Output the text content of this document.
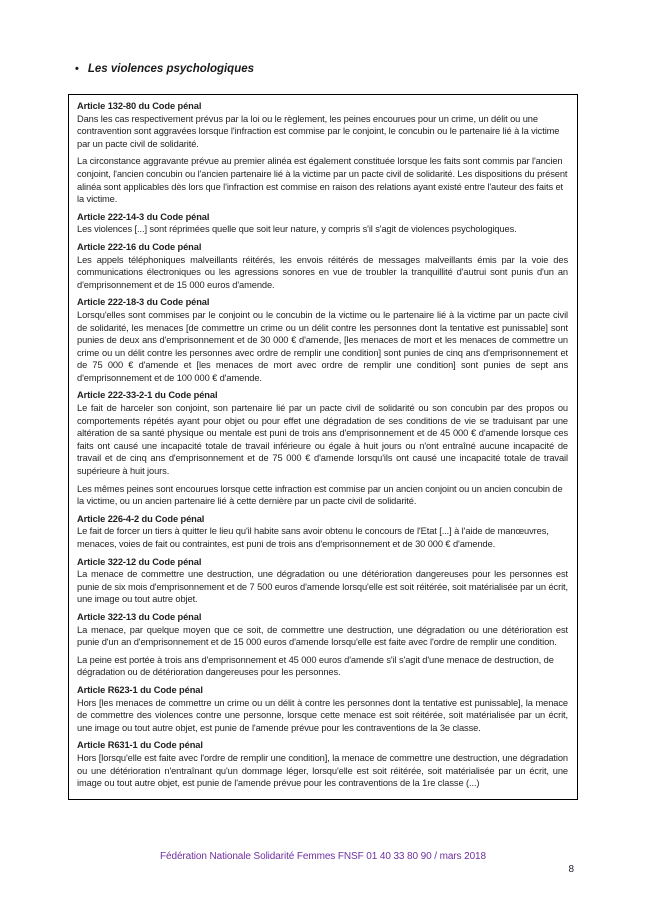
• Les violences psychologiques
Article 132-80 du Code pénal

Dans les cas respectivement prévus par la loi ou le règlement, les peines encourues pour un crime, un délit ou une contravention sont aggravées lorsque l'infraction est commise par le conjoint, le concubin ou le partenaire lié à la victime par un pacte civil de solidarité.

La circonstance aggravante prévue au premier alinéa est également constituée lorsque les faits sont commis par l'ancien conjoint, l'ancien concubin ou l'ancien partenaire lié à la victime par un pacte civil de solidarité. Les dispositions du présent alinéa sont applicables dès lors que l'infraction est commise en raison des relations ayant existé entre l'auteur des faits et la victime.

Article 222-14-3 du Code pénal

Les violences [...] sont réprimées quelle que soit leur nature, y compris s'il s'agit de violences psychologiques.

Article 222-16 du Code pénal

Les appels téléphoniques malveillants réitérés, les envois réitérés de messages malveillants émis par la voie des communications électroniques ou les agressions sonores en vue de troubler la tranquillité d'autrui sont punis d'un an d'emprisonnement et de 15 000 euros d'amende.

Article 222-18-3 du Code pénal

Lorsqu'elles sont commises par le conjoint ou le concubin de la victime ou le partenaire lié à la victime par un pacte civil de solidarité, les menaces [de commettre un crime ou un délit contre les personnes dont la tentative est punissable] sont punies de deux ans d'emprisonnement et de 30 000 € d'amende, [les menaces de mort et les menaces de commettre un crime ou un délit contre les personnes avec ordre de remplir une condition] sont punies de cinq ans d'emprisonnement et de 75 000 € d'amende et [les menaces de mort avec ordre de remplir une condition] sont punies de sept ans d'emprisonnement et de 100 000 € d'amende.

Article 222-33-2-1 du Code pénal

Le fait de harceler son conjoint, son partenaire lié par un pacte civil de solidarité ou son concubin par des propos ou comportements répétés ayant pour objet ou pour effet une dégradation de ses conditions de vie se traduisant par une altération de sa santé physique ou mentale est puni de trois ans d'emprisonnement et de 45 000 € d'amende lorsque ces faits ont causé une incapacité totale de travail inférieure ou égale à huit jours ou n'ont entraîné aucune incapacité de travail et de cinq ans d'emprisonnement et de 75 000 € d'amende lorsqu'ils ont causé une incapacité totale de travail supérieure à huit jours.

Les mêmes peines sont encourues lorsque cette infraction est commise par un ancien conjoint ou un ancien concubin de la victime, ou un ancien partenaire lié à cette dernière par un pacte civil de solidarité.

Article 226-4-2 du Code pénal

Le fait de forcer un tiers à quitter le lieu qu'il habite sans avoir obtenu le concours de l'Etat [...] à l'aide de manœuvres, menaces, voies de fait ou contraintes, est puni de trois ans d'emprisonnement et de 30 000 € d'amende.

Article 322-12 du Code pénal

La menace de commettre une destruction, une dégradation ou une détérioration dangereuses pour les personnes est punie de six mois d'emprisonnement et de 7 500 euros d'amende lorsqu'elle est soit réitérée, soit matérialisée par un écrit, une image ou tout autre objet.

Article 322-13 du Code pénal

La menace, par quelque moyen que ce soit, de commettre une destruction, une dégradation ou une détérioration est punie d'un an d'emprisonnement et de 15 000 euros d'amende lorsqu'elle est faite avec l'ordre de remplir une condition.

La peine est portée à trois ans d'emprisonnement et 45 000 euros d'amende s'il s'agit d'une menace de destruction, de dégradation ou de détérioration dangereuses pour les personnes.

Article R623-1 du Code pénal

Hors [les menaces de commettre un crime ou un délit à contre les personnes dont la tentative est punissable], la menace de commettre des violences contre une personne, lorsque cette menace est soit réitérée, soit matérialisée par un écrit, une image ou tout autre objet, est punie de l'amende prévue pour les contraventions de la 3e classe.

Article R631-1 du Code pénal

Hors [lorsqu'elle est faite avec l'ordre de remplir une condition], la menace de commettre une destruction, une dégradation ou une détérioration n'entraînant qu'un dommage léger, lorsqu'elle est soit réitérée, soit matérialisée par un écrit, une image ou tout autre objet, est punie de l'amende prévue pour les contraventions de la 1re classe (...)

Fédération Nationale Solidarité Femmes FNSF 01 40 33 80 90 / mars 2018
8
